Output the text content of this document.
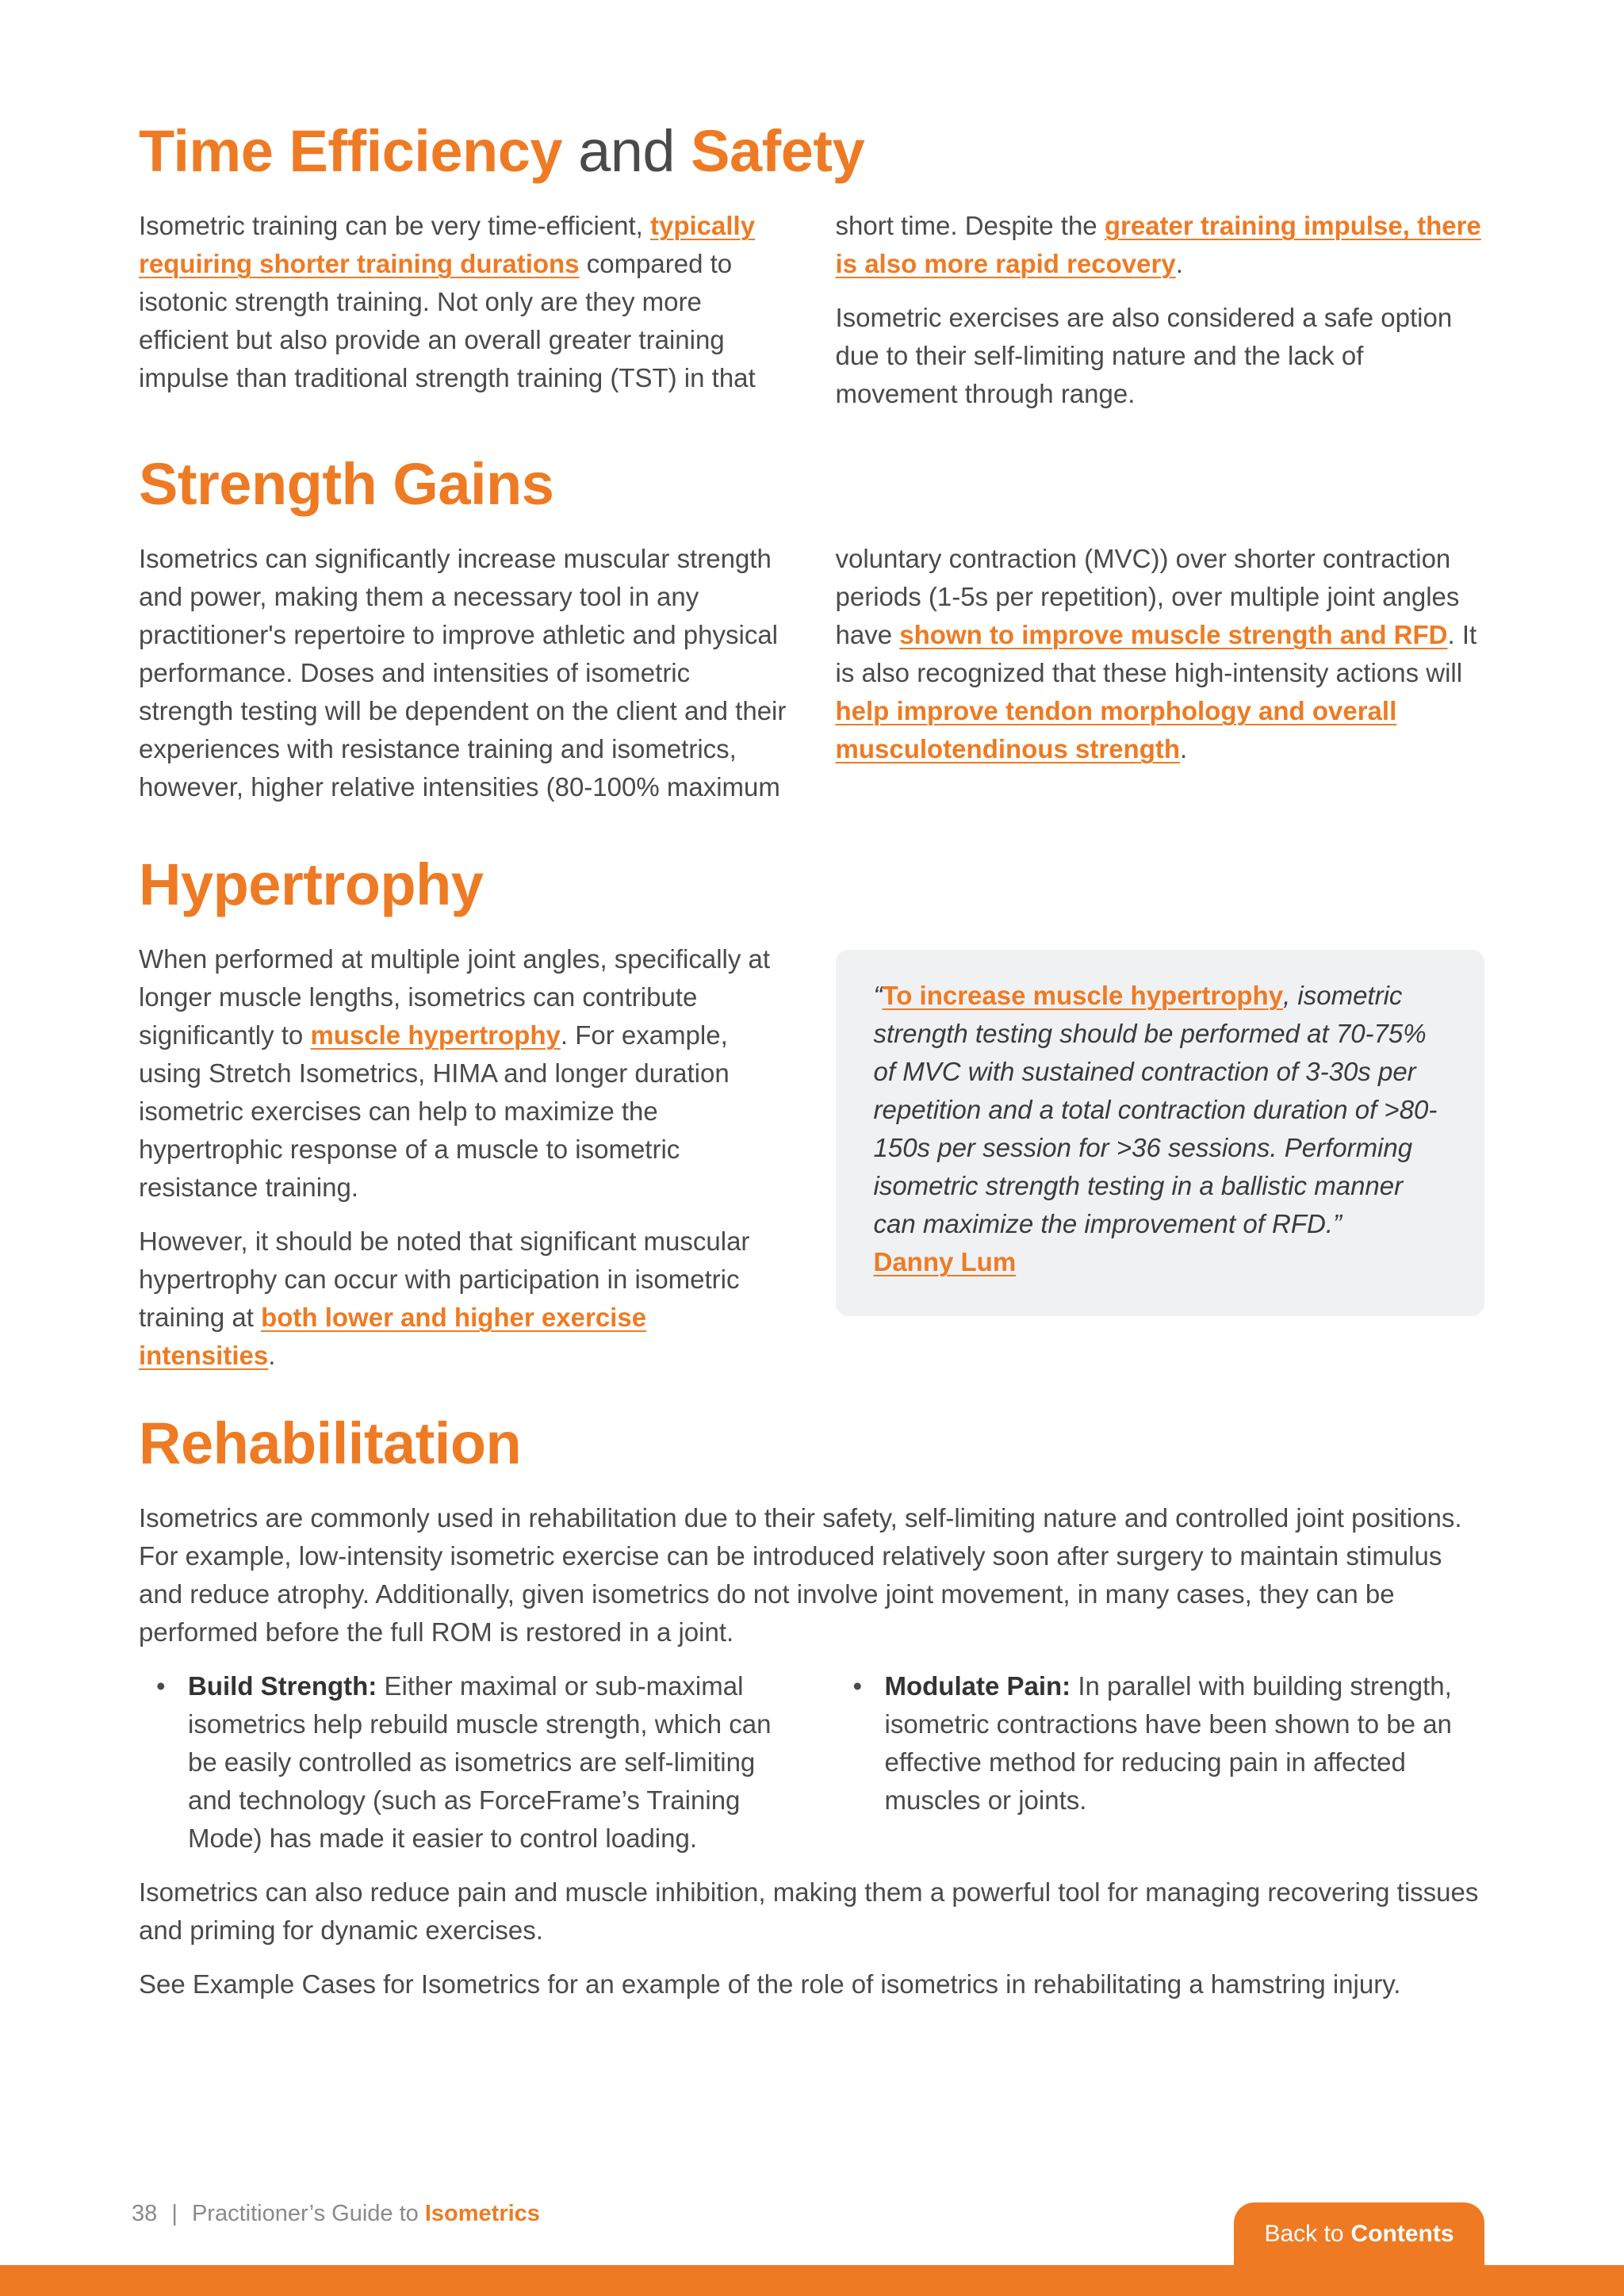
Time Efficiency and Safety

Isometric training can be very time-efficient, typically requiring shorter training durations compared to isotonic strength training. Not only are they more efficient but also provide an overall greater training impulse than traditional strength training (TST) in that short time. Despite the greater training impulse, there is also more rapid recovery.

Isometric exercises are also considered a safe option due to their self-limiting nature and the lack of movement through range.

Strength Gains

Isometrics can significantly increase muscular strength and power, making them a necessary tool in any practitioner's repertoire to improve athletic and physical performance. Doses and intensities of isometric strength testing will be dependent on the client and their experiences with resistance training and isometrics, however, higher relative intensities (80-100% maximum voluntary contraction (MVC)) over shorter contraction periods (1-5s per repetition), over multiple joint angles have shown to improve muscle strength and RFD. It is also recognized that these high-intensity actions will help improve tendon morphology and overall musculotendinous strength.

Hypertrophy

When performed at multiple joint angles, specifically at longer muscle lengths, isometrics can contribute significantly to muscle hypertrophy. For example, using Stretch Isometrics, HIMA and longer duration isometric exercises can help to maximize the hypertrophic response of a muscle to isometric resistance training.

However, it should be noted that significant muscular hypertrophy can occur with participation in isometric training at both lower and higher exercise intensities.

“To increase muscle hypertrophy, isometric strength testing should be performed at 70-75% of MVC with sustained contraction of 3-30s per repetition and a total contraction duration of >80-150s per session for >36 sessions. Performing isometric strength testing in a ballistic manner can maximize the improvement of RFD.”
Danny Lum
Rehabilitation

Isometrics are commonly used in rehabilitation due to their safety, self-limiting nature and controlled joint positions. For example, low-intensity isometric exercise can be introduced relatively soon after surgery to maintain stimulus and reduce atrophy. Additionally, given isometrics do not involve joint movement, in many cases, they can be performed before the full ROM is restored in a joint.

• Build Strength: Either maximal or sub-maximal isometrics help rebuild muscle strength, which can be easily controlled as isometrics are self-limiting and technology (such as ForceFrame’s Training Mode) has made it easier to control loading.
• Modulate Pain: In parallel with building strength, isometric contractions have been shown to be an effective method for reducing pain in affected muscles or joints.

Isometrics can also reduce pain and muscle inhibition, making them a powerful tool for managing recovering tissues and priming for dynamic exercises.

See Example Cases for Isometrics for an example of the role of isometrics in rehabilitating a hamstring injury.

38 | Practitioner’s Guide to Isometrics
Back to Contents
